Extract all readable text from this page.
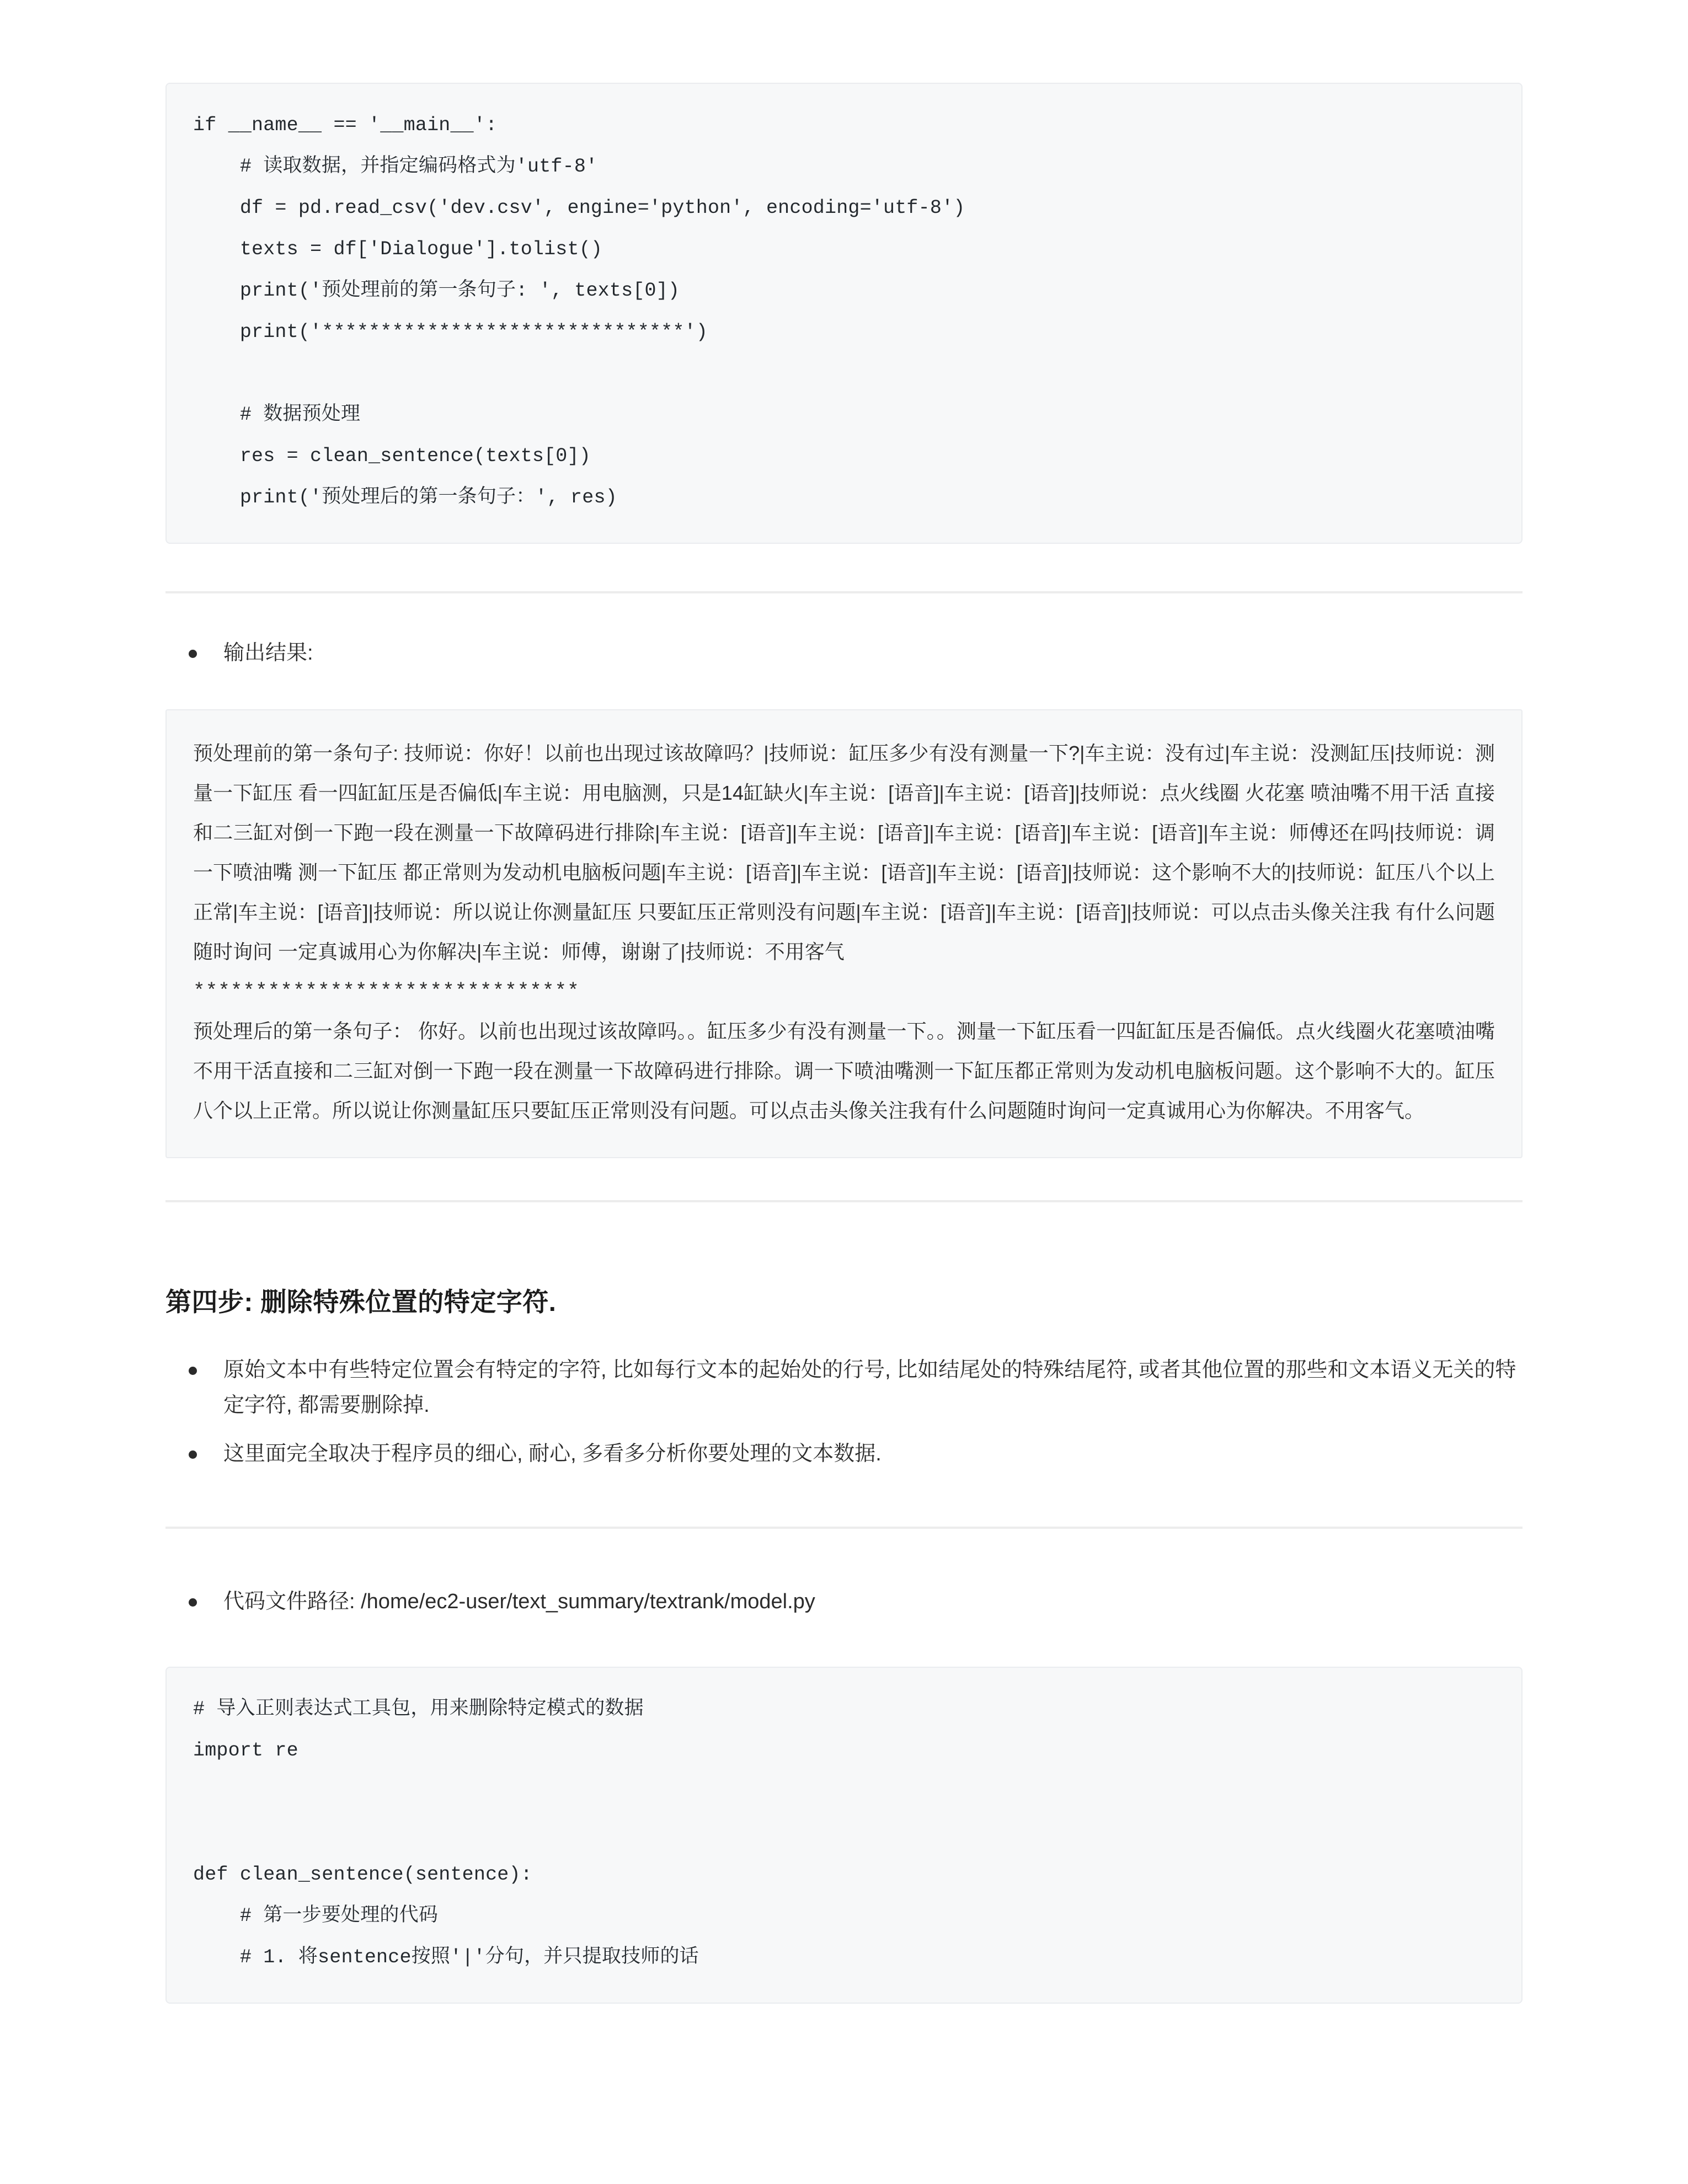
if __name__ == '__main__':
# 读取数据，并指定编码格式为'utf-8'
df = pd.read_csv('dev.csv', engine='python', encoding='utf-8')
texts = df['Dialogue'].tolist()
print('预处理前的第一条句子: ', texts[0])
print('*******************************')
# 数据预处理
res = clean_sentence(texts[0])
print('预处理后的第一条句子：', res)
输出结果:

预处理前的第一条句子: 技师说：你好！以前也出现过该故障吗？|技师说：缸压多少有没有测量一下?|车主说：没有过|车主说：没测缸压|技师说：测量一下缸压 看一四缸缸压是否偏低|车主说：用电脑测，只是14缸缺火|车主说：[语音]|车主说：[语音]|技师说：点火线圈 火花塞 喷油嘴不用干活 直接和二三缸对倒一下跑一段在测量一下故障码进行排除|车主说：[语音]|车主说：[语音]|车主说：[语音]|车主说：[语音]|车主说：师傅还在吗|技师说：调一下喷油嘴 测一下缸压 都正常则为发动机电脑板问题|车主说：[语音]|车主说：[语音]|车主说：[语音]|技师说：这个影响不大的|技师说：缸压八个以上正常|车主说：[语音]|技师说：所以说让你测量缸压 只要缸压正常则没有问题|车主说：[语音]|车主说：[语音]|技师说：可以点击头像关注我 有什么问题随时询问 一定真诚用心为你解决|车主说：师傅，谢谢了|技师说：不用客气

*******************************

预处理后的第一条句子： 你好。以前也出现过该故障吗。。缸压多少有没有测量一下。。测量一下缸压看一四缸缸压是否偏低。点火线圈火花塞喷油嘴不用干活直接和二三缸对倒一下跑一段在测量一下故障码进行排除。调一下喷油嘴测一下缸压都正常则为发动机电脑板问题。这个影响不大的。缸压八个以上正常。所以说让你测量缸压只要缸压正常则没有问题。可以点击头像关注我有什么问题随时询问一定真诚用心为你解决。不用客气。

第四步: 删除特殊位置的特定字符.
原始文本中有些特定位置会有特定的字符, 比如每行文本的起始处的行号, 比如结尾处的特殊结尾符, 或者其他位置的那些和文本语义无关的特定字符, 都需要删除掉.
这里面完全取决于程序员的细心, 耐心, 多看多分析你要处理的文本数据.
代码文件路径: /home/ec2-user/text_summary/textrank/model.py
# 导入正则表达式工具包，用来删除特定模式的数据
import re
def clean_sentence(sentence):
# 第一步要处理的代码
# 1. 将sentence按照'|'分句，并只提取技师的话
